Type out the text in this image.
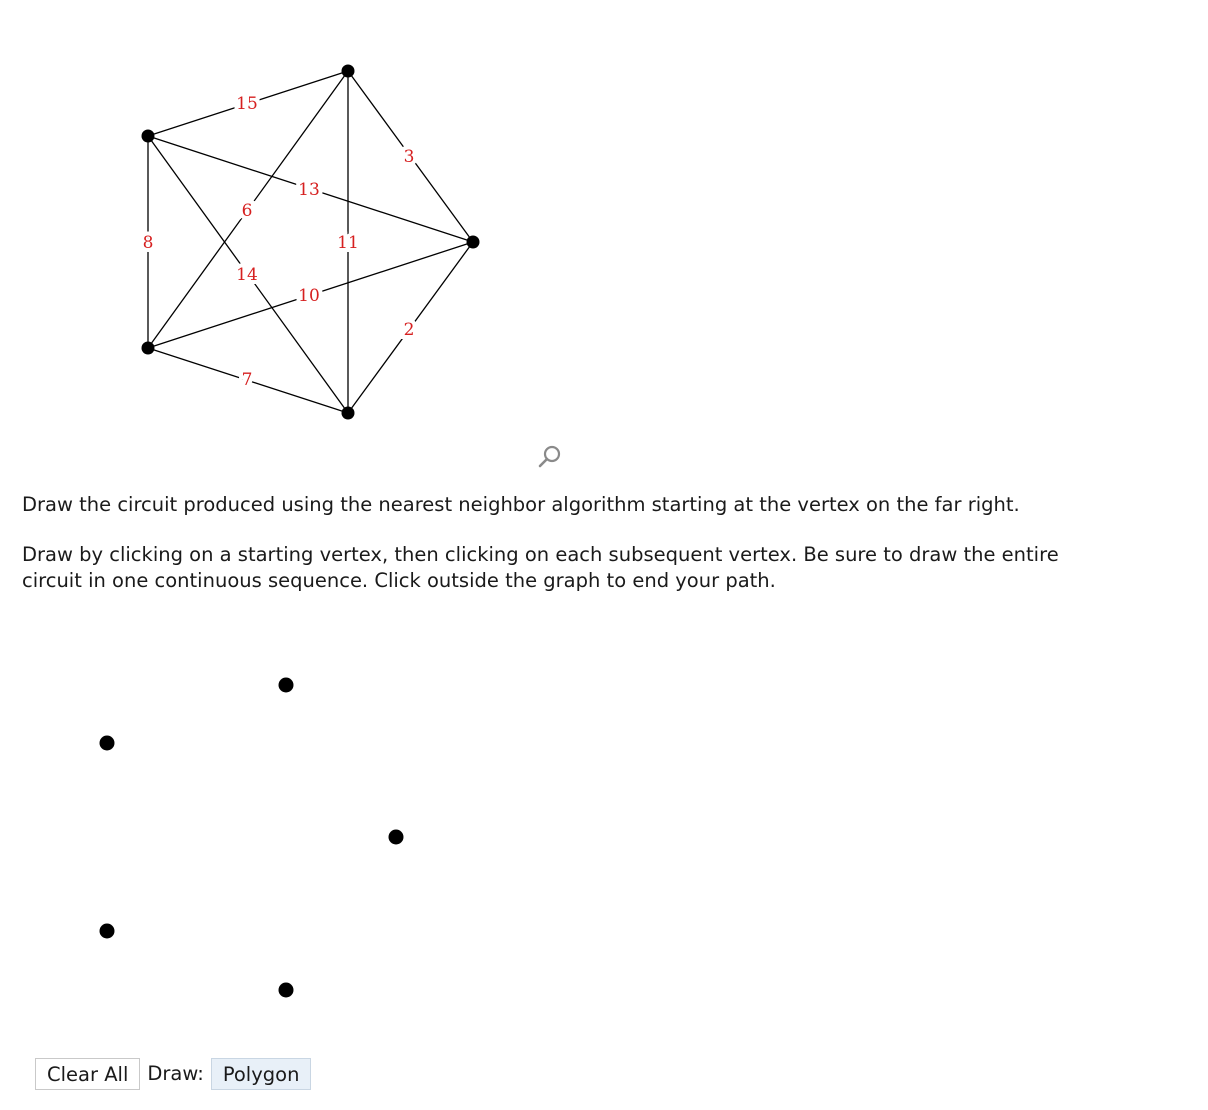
15
3
11
6
13
8
14
10
2
7

Draw the circuit produced using the nearest neighbor algorithm starting at the vertex on the far right.

Draw by clicking on a starting vertex, then clicking on each subsequent vertex. Be sure to draw the entire circuit in one continuous sequence. Click outside the graph to end your path.

Clear All Draw: Polygon
